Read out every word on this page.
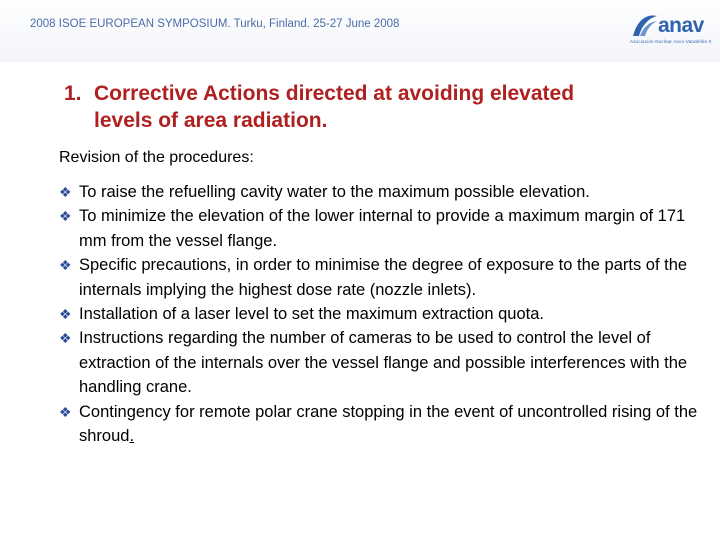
2008 ISOE EUROPEAN SYMPOSIUM. Turku, Finland. 25-27 June 2008	anav
Asociación Nuclear Ascó-Vandellós II
1. Corrective Actions directed at avoiding elevated levels of area radiation.
Revision of the procedures:
❖ To raise the refuelling cavity water to the maximum possible elevation.
❖ To minimize the elevation of the lower internal to provide a maximum margin of 171 mm from the vessel flange.
❖ Specific precautions, in order to minimise the degree of exposure to the parts of the internals implying the highest dose rate (nozzle inlets).
❖ Installation of a laser level to set the maximum extraction quota.
❖ Instructions regarding the number of cameras to be used to control the level of extraction of the internals over the vessel flange and possible interferences with the handling crane.
❖ Contingency for remote polar crane stopping in the event of uncontrolled rising of the shroud.
